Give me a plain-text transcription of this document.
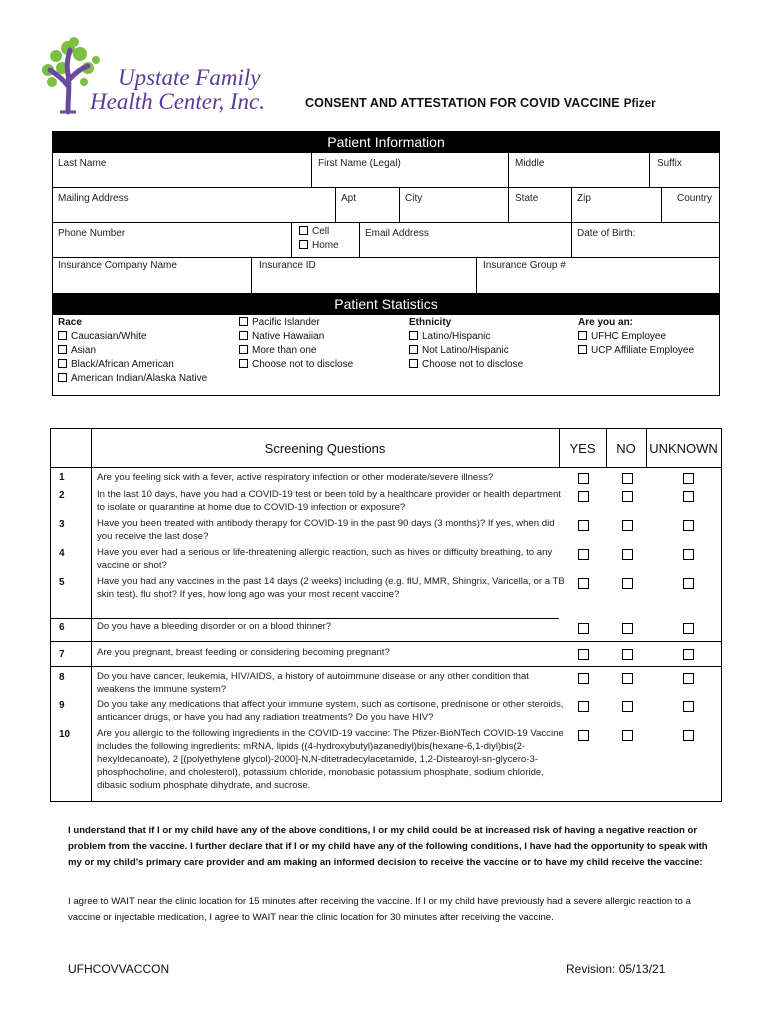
Upstate Family
Health Center, Inc.	CONSENT AND ATTESTATION FOR COVID VACCINE Pfizer
Patient Information
Last Name	First Name (Legal)	Middle	Suffix
Mailing Address	Apt	City	State	Zip	Country
Phone Number	Cell
Home
Email Address	Date of Birth:
Insurance Company Name	Insurance ID	Insurance Group #
Patient Statistics
Race
Caucasian/White
Asian
Black/African American
American Indian/Alaska Native
Pacific Islander
Native Hawaiian
More than one
Choose not to disclose
Ethnicity
Latino/Hispanic
Not Latino/Hispanic
Choose not to disclose
Are you an:
UFHC Employee
UCP Affiliate Employee
Screening Questions	YES	NO	UNKNOWN
1	Are you feeling sick with a fever, active respiratory infection or other moderate/severe illness?
2	In the last 10 days, have you had a COVID-19 test or been told by a healthcare provider or health department to isolate or quarantine at home due to COVID-19 infection or exposure?
3	Have you been treated with antibody therapy for COVID-19 in the past 90 days (3 months)? If yes, when did you receive the last dose?
4	Have you ever had a serious or life-threatening allergic reaction, such as hives or difficulty breathing, to any vaccine or shot?
5	Have you had any vaccines in the past 14 days (2 weeks) including (e.g. flU, MMR, Shingrix, Varicella, or a TB skin test). flu shot? If yes, how long ago was your most recent vaccine?
6	Do you have a bleeding disorder or on a blood thinner?
7	Are you pregnant, breast feeding or considering becoming pregnant?
8	Do you have cancer, leukemia, HIV/AIDS, a history of autoimmune disease or any other condition that weakens the immune system?
9	Do you take any medications that affect your immune system, such as cortisone, prednisone or other steroids, anticancer drugs, or have you had any radiation treatments? Do you have HIV?
10	Are you allergic to the following ingredients in the COVID-19 vaccine: The Pfizer-BioNTech COVID-19 Vaccine includes the following ingredients: mRNA, lipids ((4-hydroxybutyl)azanediyl)bis(hexane-6,1-diyl)bis(2-hexyldecanoate), 2 [(polyethylene glycol)-2000]-N,N-ditetradecylacetamide, 1,2-Distearoyl-sn-glycero-3- phosphocholine, and cholesterol), potassium chloride, monobasic potassium phosphate, sodium chloride, dibasic sodium phosphate dihydrate, and sucrose.
I understand that if I or my child have any of the above conditions, I or my child could be at increased risk of having a negative reaction or problem from the vaccine. I further declare that if I or my child have any of the following conditions, I have had the opportunity to speak with my or my child's primary care provider and am making an informed decision to receive the vaccine or to have my child receive the vaccine:
I agree to WAIT near the clinic location for 15 minutes after receiving the vaccine. If I or my child have previously had a severe allergic reaction to a vaccine or injectable medication, I agree to WAIT near the clinic location for 30 minutes after receiving the vaccine.
UFHCOVVACCON	Revision: 05/13/21
